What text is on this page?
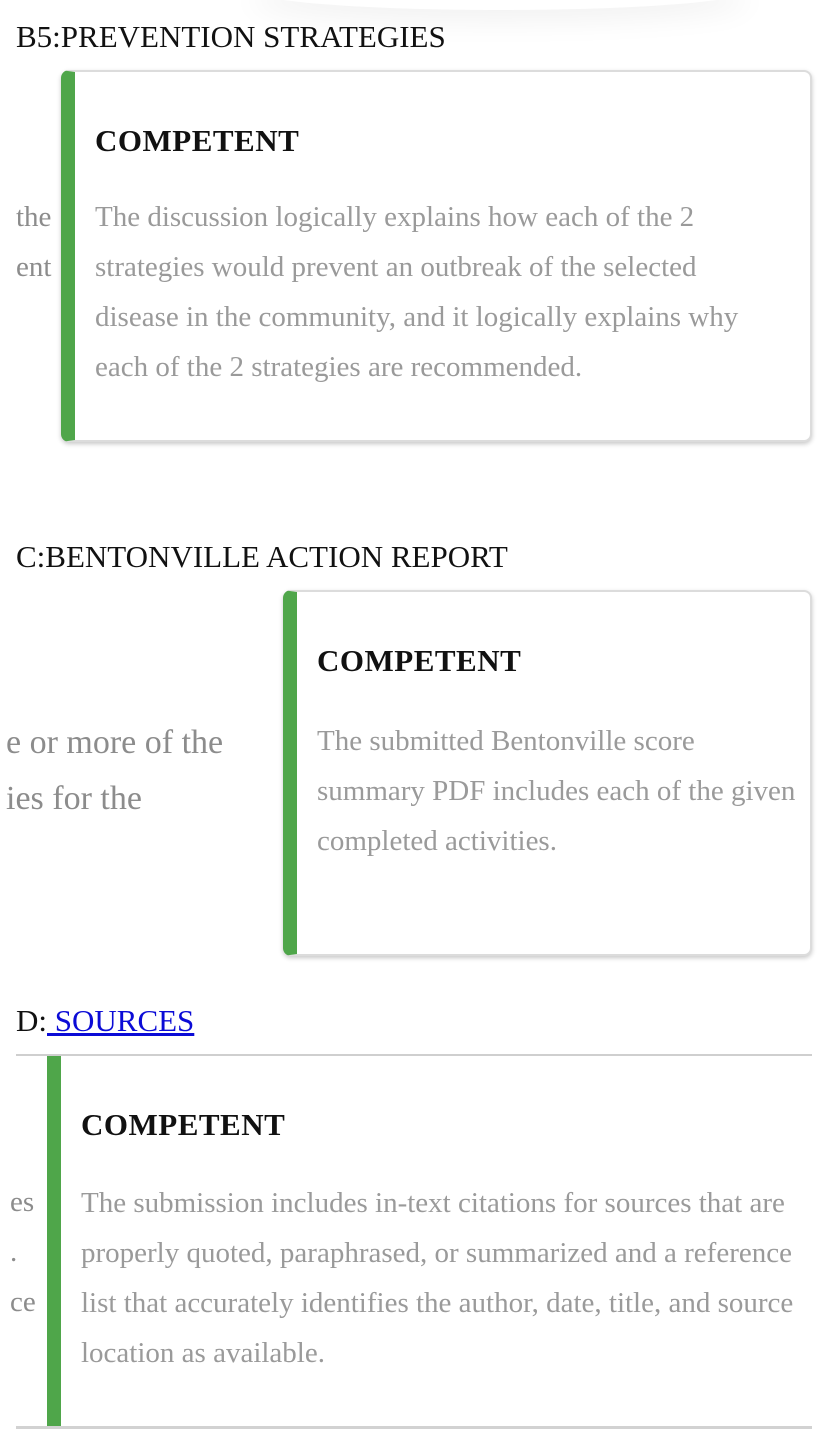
B5:PREVENTION STRATEGIES

the

ent

COMPETENT

The discussion logically explains how each of the 2 strategies would prevent an outbreak of the selected disease in the community, and it logically explains why each of the 2 strategies are recommended.

C:BENTONVILLE ACTION REPORT

e or more of the

ies for the

COMPETENT

The submitted Bentonville score summary PDF includes each of the given completed activities.

D: SOURCES

es

.

ce

COMPETENT

The submission includes in-text citations for sources that are properly quoted, paraphrased, or summarized and a reference list that accurately identifies the author, date, title, and source location as available.
